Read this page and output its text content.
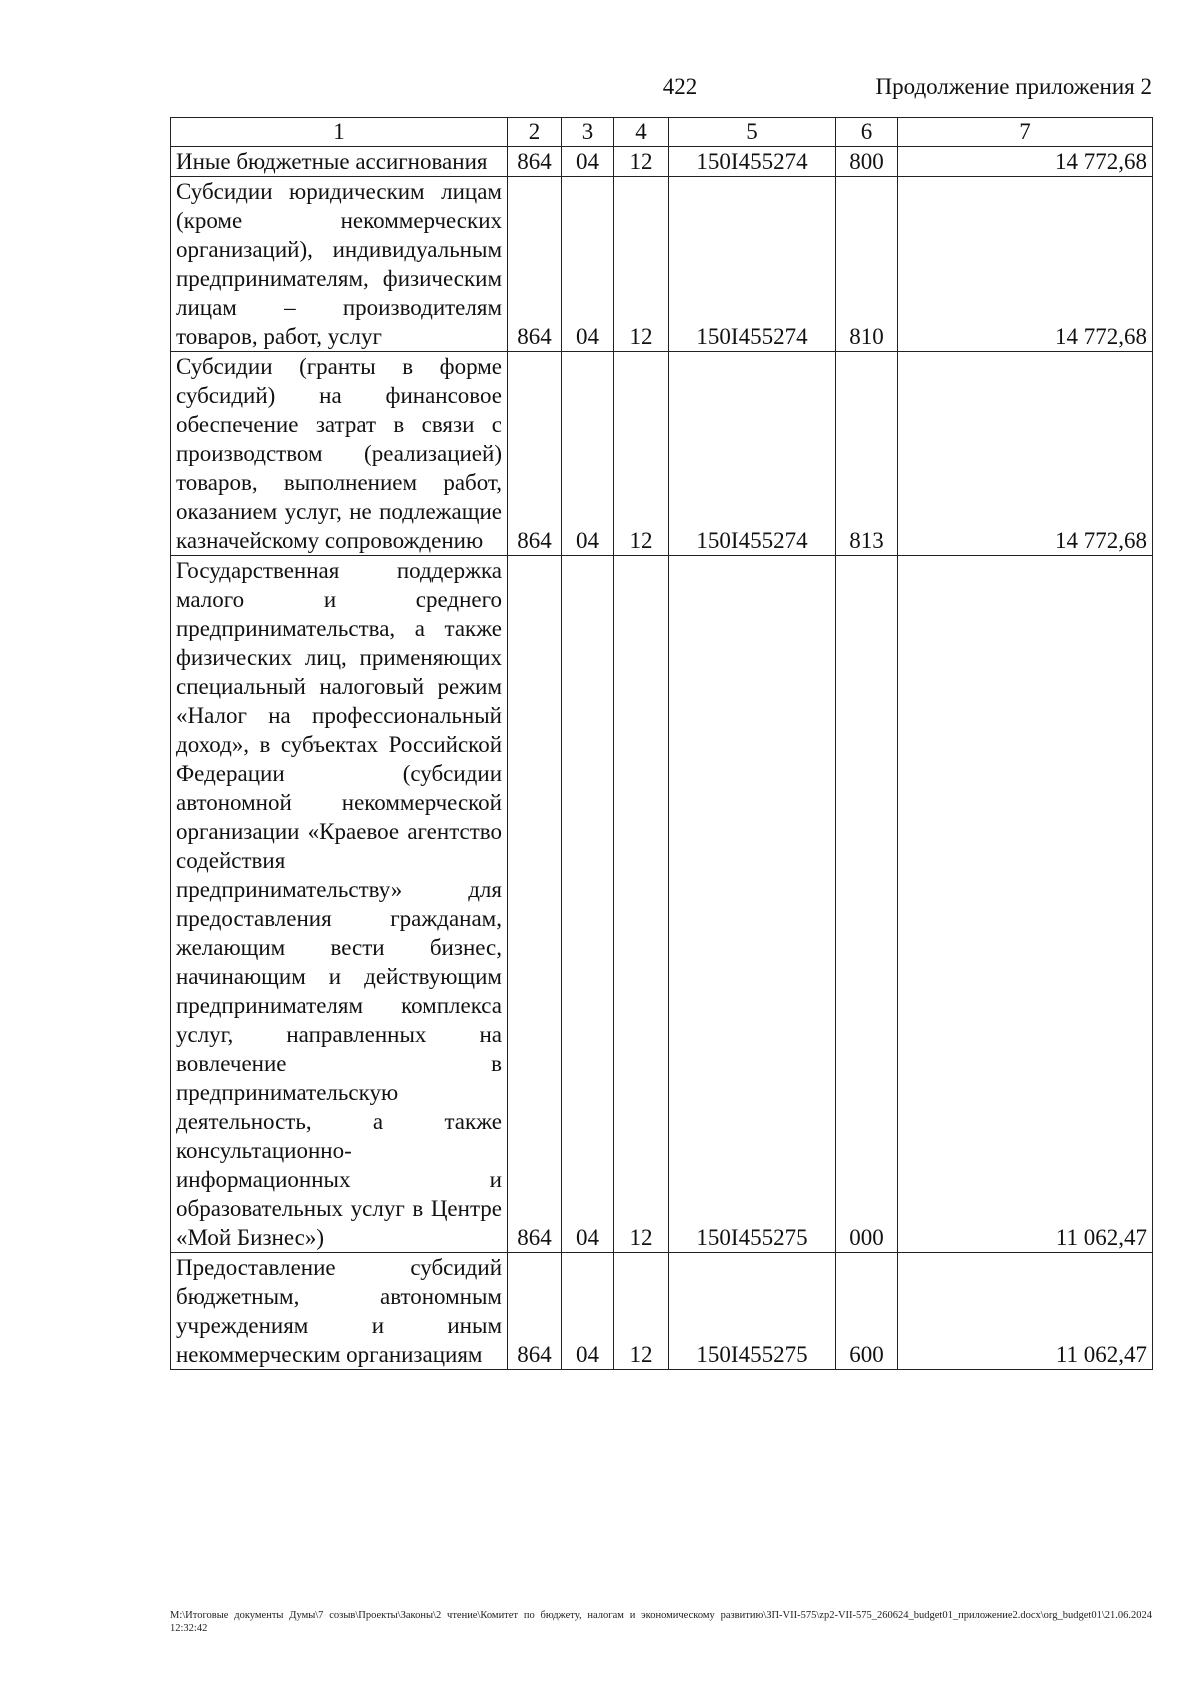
422	Продолжение приложения 2
1	2	3	4	5	6	7
Иные бюджетные ассигнования	864	04	12	150I455274	800	14 772,68
Субсидии юридическим лицам (кроме некоммерческих организаций), индивидуальным предпринимателям, физическим лицам – производителям товаров, работ, услуг	864	04	12	150I455274	810	14 772,68
Субсидии (гранты в форме субсидий) на финансовое обеспечение затрат в связи с производством (реализацией) товаров, выполнением работ, оказанием услуг, не подлежащие казначейскому сопровождению	864	04	12	150I455274	813	14 772,68
Государственная поддержка малого и среднего предпринимательства, а также физических лиц, применяющих специальный налоговый режим «Налог на профессиональный доход», в субъектах Российской Федерации (субсидии автономной некоммерческой организации «Краевое агентство содействия предпринимательству» для предоставления гражданам, желающим вести бизнес, начинающим и действующим предпринимателям комплекса услуг, направленных на вовлечение в предпринимательскую деятельность, а также консультационно-информационных и образовательных услуг в Центре «Мой Бизнес»)	864	04	12	150I455275	000	11 062,47
Предоставление субсидий бюджетным, автономным учреждениям и иным некоммерческим организациям	864	04	12	150I455275	600	11 062,47
М:\Итоговые документы Думы\7 созыв\Проекты\Законы\2 чтение\Комитет по бюджету, налогам и экономическому развитию\ЗП-VII-575\zp2-VII-575_260624_budget01_приложение2.docx\org_budget01\21.06.2024 12:32:42
